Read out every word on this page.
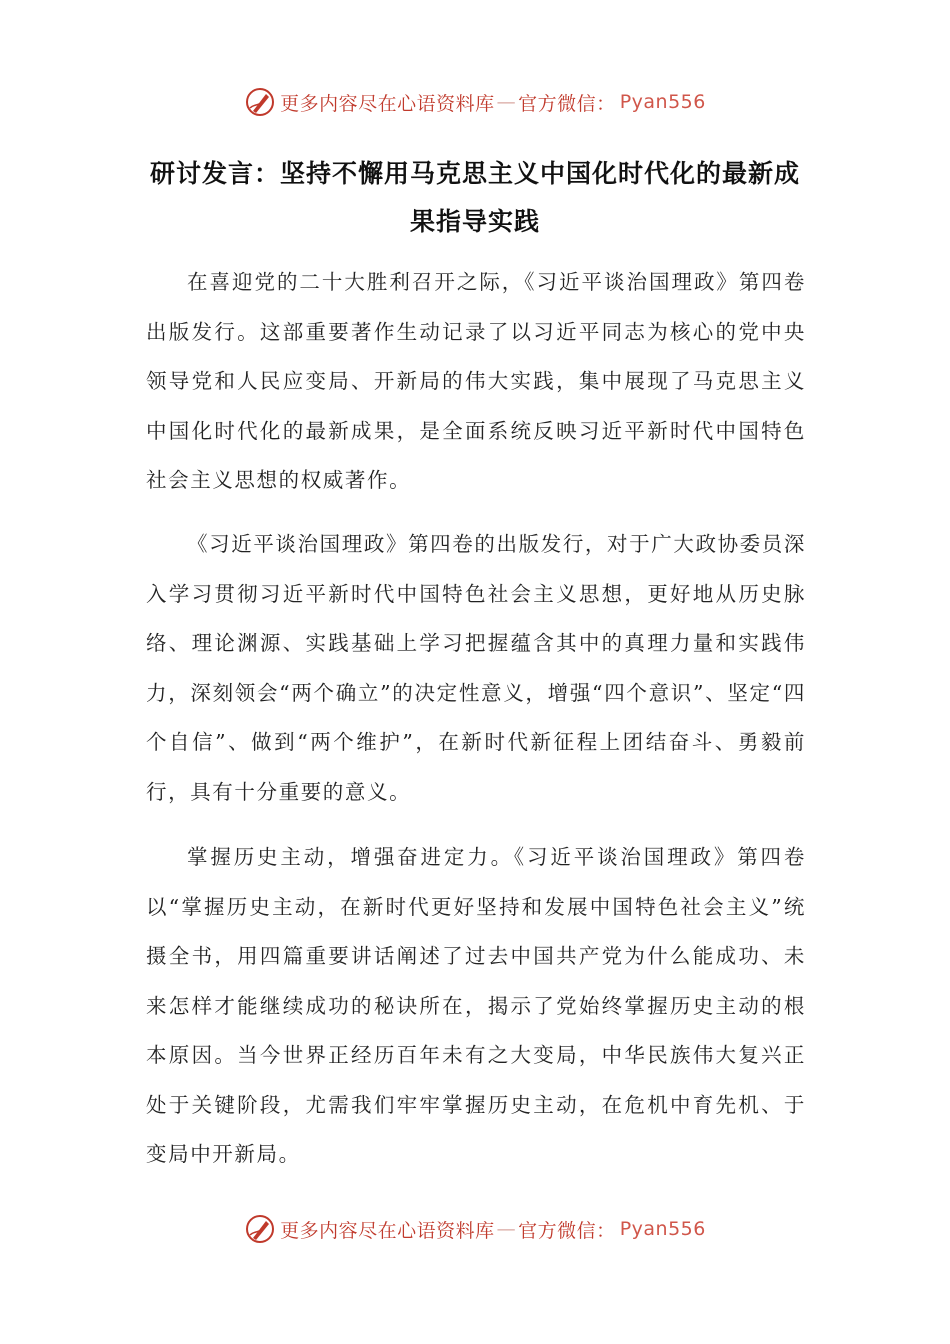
更多内容尽在心语资料库 — 官方微信： Pyan556
研讨发言：坚持不懈用马克思主义中国化时代化的最新成果指导实践

在喜迎党的二十大胜利召开之际，《习近平谈治国理政》第四卷出版发行。这部重要著作生动记录了以习近平同志为核心的党中央领导党和人民应变局、开新局的伟大实践，集中展现了马克思主义中国化时代化的最新成果，是全面系统反映习近平新时代中国特色社会主义思想的权威著作。

《习近平谈治国理政》第四卷的出版发行，对于广大政协委员深入学习贯彻习近平新时代中国特色社会主义思想，更好地从历史脉络、理论渊源、实践基础上学习把握蕴含其中的真理力量和实践伟力，深刻领会“两个确立”的决定性意义，增强“四个意识”、坚定“四个自信”、做到“两个维护”，在新时代新征程上团结奋斗、勇毅前行，具有十分重要的意义。

掌握历史主动，增强奋进定力。《习近平谈治国理政》第四卷以“掌握历史主动，在新时代更好坚持和发展中国特色社会主义”统摄全书，用四篇重要讲话阐述了过去中国共产党为什么能成功、未来怎样才能继续成功的秘诀所在，揭示了党始终掌握历史主动的根本原因。当今世界正经历百年未有之大变局，中华民族伟大复兴正处于关键阶段，尤需我们牢牢掌握历史主动，在危机中育先机、于变局中开新局。

更多内容尽在心语资料库 — 官方微信： Pyan556
